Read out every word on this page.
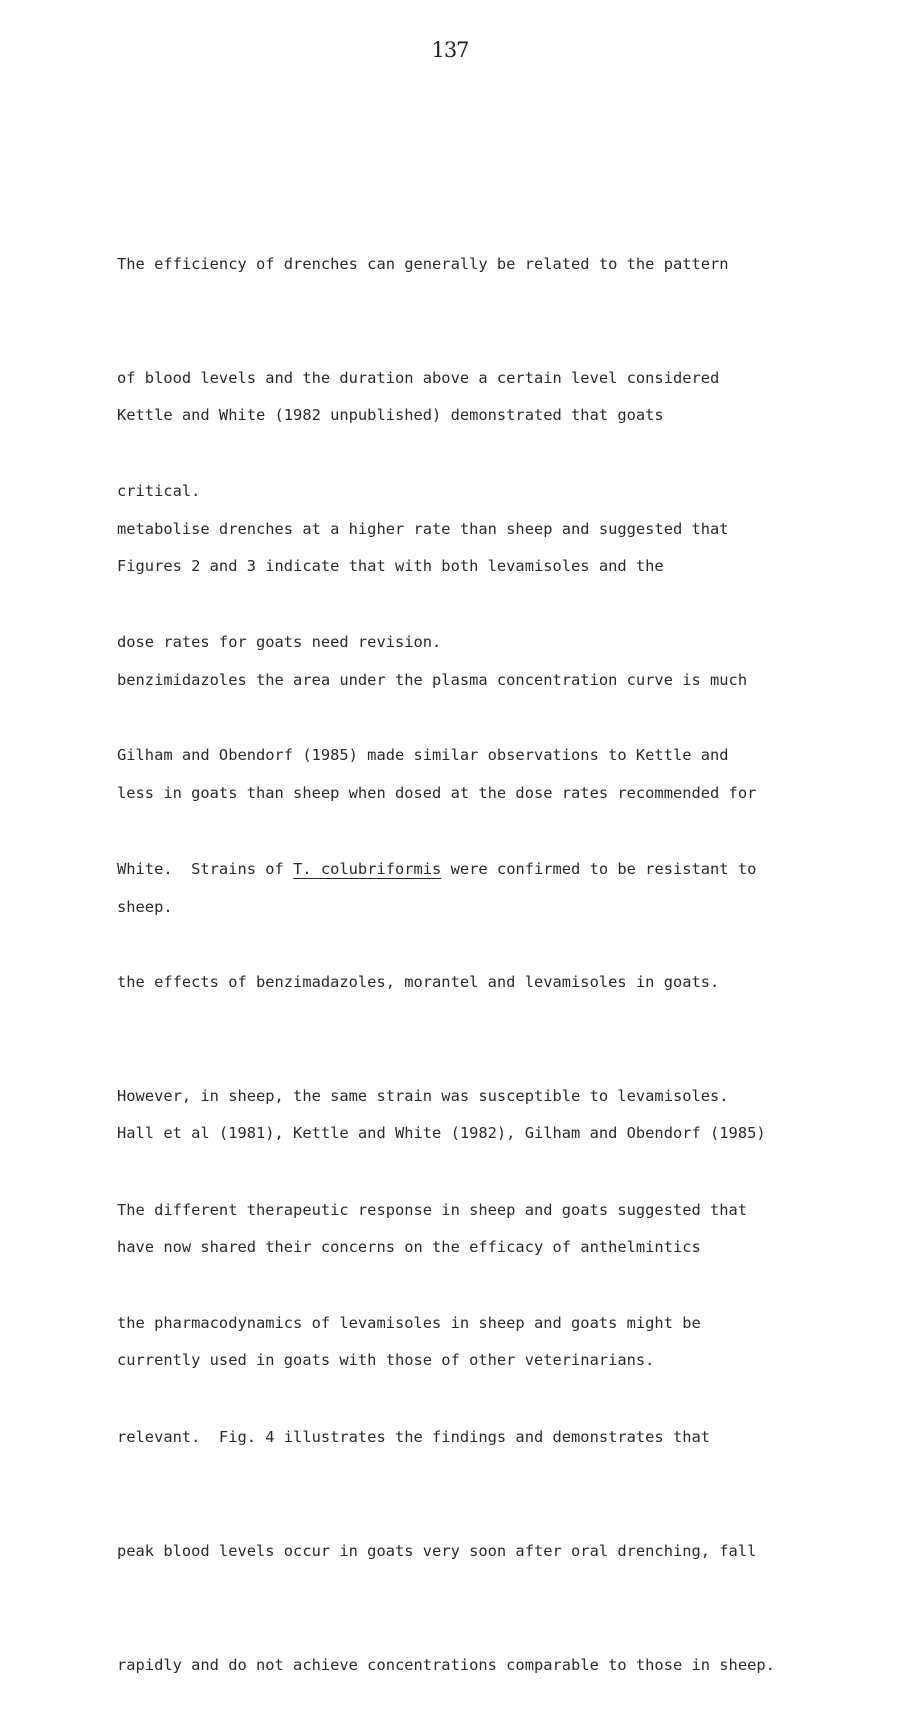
137

The efficiency of drenches can generally be related to the pattern

of blood levels and the duration above a certain level considered

critical.

Kettle and White (1982 unpublished) demonstrated that goats

metabolise drenches at a higher rate than sheep and suggested that

dose rates for goats need revision.

Figures 2 and 3 indicate that with both levamisoles and the

benzimidazoles the area under the plasma concentration curve is much

less in goats than sheep when dosed at the dose rates recommended for

sheep.

Gilham and Obendorf (1985) made similar observations to Kettle and

White.  Strains of T. colubriformis were confirmed to be resistant to

the effects of benzimadazoles, morantel and levamisoles in goats.

However, in sheep, the same strain was susceptible to levamisoles.

The different therapeutic response in sheep and goats suggested that

the pharmacodynamics of levamisoles in sheep and goats might be

relevant.  Fig. 4 illustrates the findings and demonstrates that

peak blood levels occur in goats very soon after oral drenching, fall

rapidly and do not achieve concentrations comparable to those in sheep.

Hall et al (1981), Kettle and White (1982), Gilham and Obendorf (1985)

have now shared their concerns on the efficacy of anthelmintics

currently used in goats with those of other veterinarians.
